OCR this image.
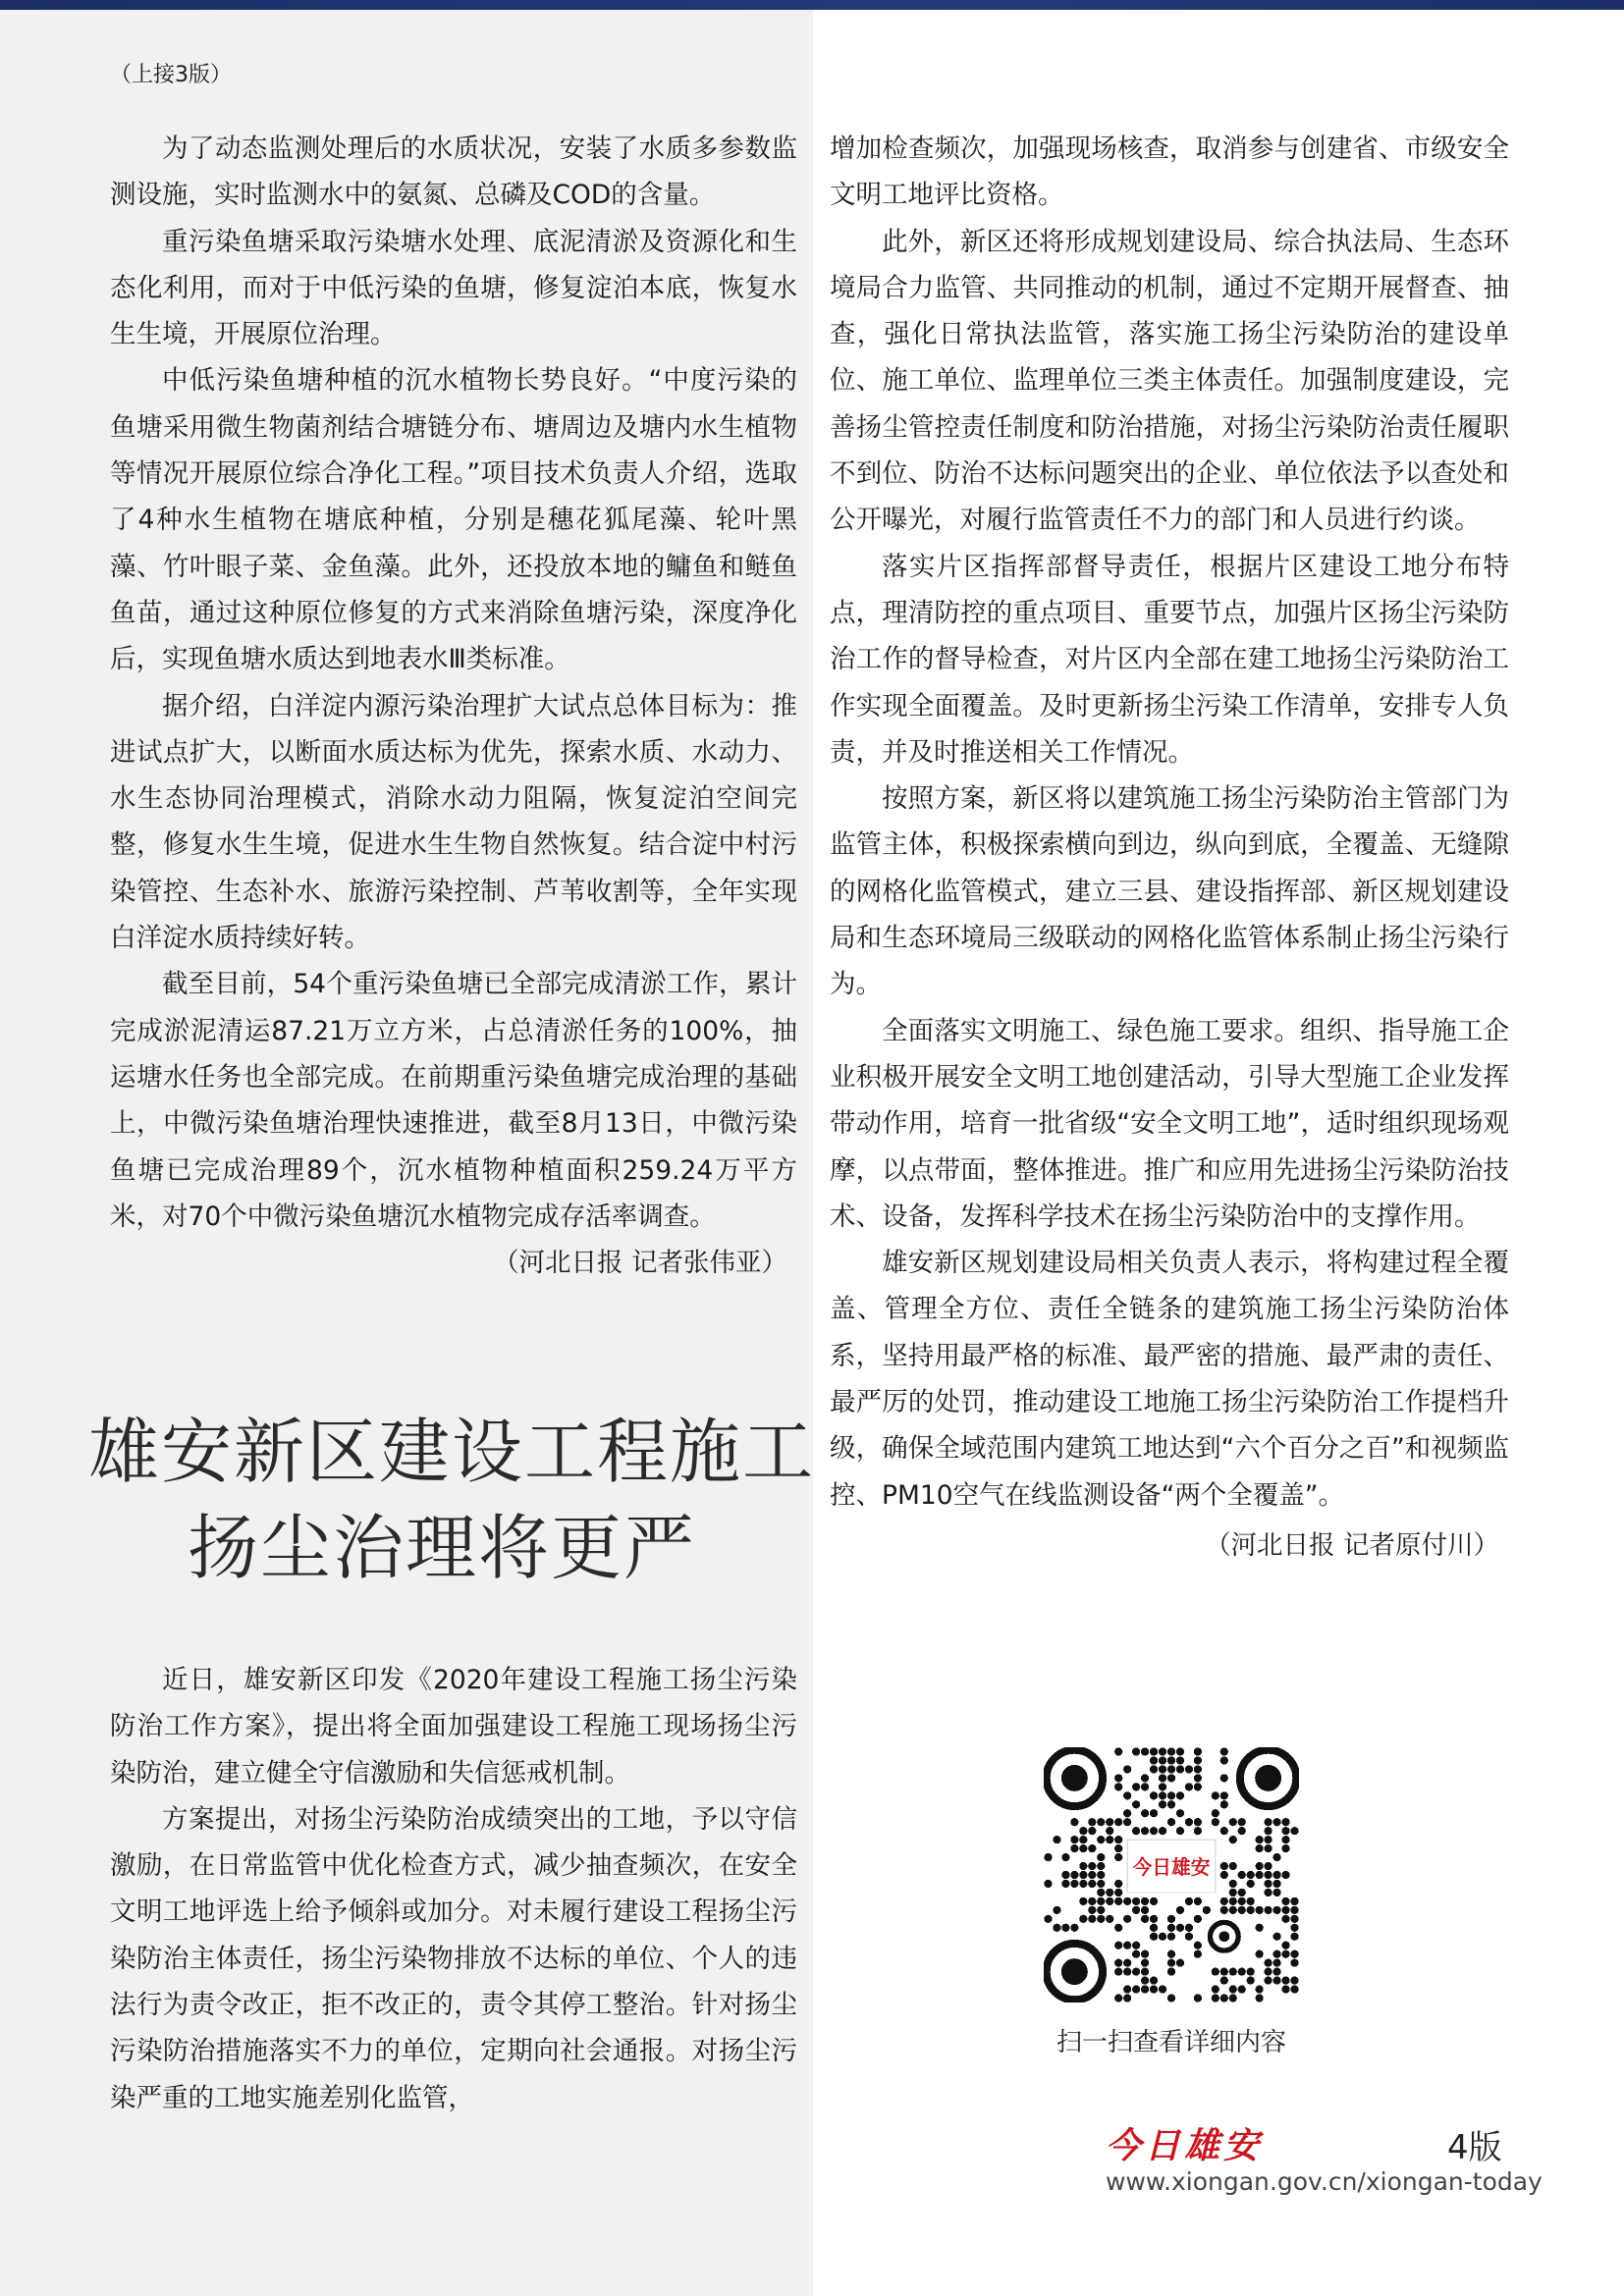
（上接3版）

为了动态监测处理后的水质状况，安装了水质多参数监测设施，实时监测水中的氨氮、总磷及COD的含量。

重污染鱼塘采取污染塘水处理、底泥清淤及资源化和生态化利用，而对于中低污染的鱼塘，修复淀泊本底，恢复水生生境，开展原位治理。

中低污染鱼塘种植的沉水植物长势良好。“中度污染的鱼塘采用微生物菌剂结合塘链分布、塘周边及塘内水生植物等情况开展原位综合净化工程。”项目技术负责人介绍，选取了4种水生植物在塘底种植，分别是穗花狐尾藻、轮叶黑藻、竹叶眼子菜、金鱼藻。此外，还投放本地的鳙鱼和鲢鱼鱼苗，通过这种原位修复的方式来消除鱼塘污染，深度净化后，实现鱼塘水质达到地表水Ⅲ类标准。

据介绍，白洋淀内源污染治理扩大试点总体目标为：推进试点扩大，以断面水质达标为优先，探索水质、水动力、水生态协同治理模式，消除水动力阻隔，恢复淀泊空间完整，修复水生生境，促进水生生物自然恢复。结合淀中村污染管控、生态补水、旅游污染控制、芦苇收割等，全年实现白洋淀水质持续好转。

截至目前，54个重污染鱼塘已全部完成清淤工作，累计完成淤泥清运87.21万立方米，占总清淤任务的100%，抽运塘水任务也全部完成。在前期重污染鱼塘完成治理的基础上，中微污染鱼塘治理快速推进，截至8月13日，中微污染鱼塘已完成治理89个，沉水植物种植面积259.24万平方米，对70个中微污染鱼塘沉水植物完成存活率调查。

（河北日报 记者张伟亚）
雄安新区建设工程施工
扬尘治理将更严

近日，雄安新区印发《2020年建设工程施工扬尘污染防治工作方案》，提出将全面加强建设工程施工现场扬尘污染防治，建立健全守信激励和失信惩戒机制。

方案提出，对扬尘污染防治成绩突出的工地，予以守信激励，在日常监管中优化检查方式，减少抽查频次，在安全文明工地评选上给予倾斜或加分。对未履行建设工程扬尘污染防治主体责任，扬尘污染物排放不达标的单位、个人的违法行为责令改正，拒不改正的，责令其停工整治。针对扬尘污染防治措施落实不力的单位，定期向社会通报。对扬尘污染严重的工地实施差别化监管，

增加检查频次，加强现场核查，取消参与创建省、市级安全文明工地评比资格。

此外，新区还将形成规划建设局、综合执法局、生态环境局合力监管、共同推动的机制，通过不定期开展督查、抽查，强化日常执法监管，落实施工扬尘污染防治的建设单位、施工单位、监理单位三类主体责任。加强制度建设，完善扬尘管控责任制度和防治措施，对扬尘污染防治责任履职不到位、防治不达标问题突出的企业、单位依法予以查处和公开曝光，对履行监管责任不力的部门和人员进行约谈。

落实片区指挥部督导责任，根据片区建设工地分布特点，理清防控的重点项目、重要节点，加强片区扬尘污染防治工作的督导检查，对片区内全部在建工地扬尘污染防治工作实现全面覆盖。及时更新扬尘污染工作清单，安排专人负责，并及时推送相关工作情况。

按照方案，新区将以建筑施工扬尘污染防治主管部门为监管主体，积极探索横向到边，纵向到底，全覆盖、无缝隙的网格化监管模式，建立三县、建设指挥部、新区规划建设局和生态环境局三级联动的网格化监管体系制止扬尘污染行为。

全面落实文明施工、绿色施工要求。组织、指导施工企业积极开展安全文明工地创建活动，引导大型施工企业发挥带动作用，培育一批省级“安全文明工地”，适时组织现场观摩，以点带面，整体推进。推广和应用先进扬尘污染防治技术、设备，发挥科学技术在扬尘污染防治中的支撑作用。

雄安新区规划建设局相关负责人表示，将构建过程全覆盖、管理全方位、责任全链条的建筑施工扬尘污染防治体系，坚持用最严格的标准、最严密的措施、最严肃的责任、最严厉的处罚，推动建设工地施工扬尘污染防治工作提档升级，确保全域范围内建筑工地达到“六个百分之百”和视频监控、PM10空气在线监测设备“两个全覆盖”。

（河北日报 记者原付川）
今日雄安
扫一扫查看详细内容
今日雄安	4版
www.xiongan.gov.cn/xiongan-today
